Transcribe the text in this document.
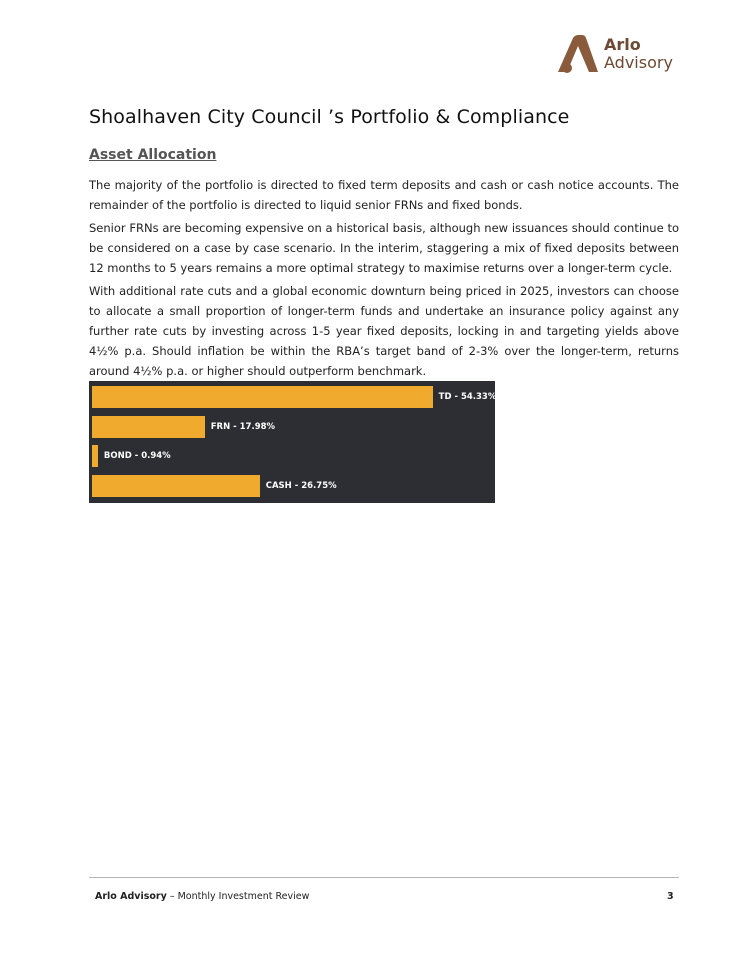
Arlo
Advisory
Shoalhaven City Council ’s Portfolio & Compliance
Asset Allocation

The majority of the portfolio is directed to fixed term deposits and cash or cash notice accounts. The remainder of the portfolio is directed to liquid senior FRNs and fixed bonds.

Senior FRNs are becoming expensive on a historical basis, although new issuances should continue to be considered on a case by case scenario. In the interim, staggering a mix of fixed deposits between 12 months to 5 years remains a more optimal strategy to maximise returns over a longer-term cycle.

With additional rate cuts and a global economic downturn being priced in 2025, investors can choose to allocate a small proportion of longer-term funds and undertake an insurance policy against any further rate cuts by investing across 1-5 year fixed deposits, locking in and targeting yields above 4½% p.a. Should inflation be within the RBA’s target band of 2-3% over the longer-term, returns around 4½% p.a. or higher should outperform benchmark.

TD - 54.33%
FRN - 17.98%
BOND - 0.94%
CASH - 26.75%
Arlo Advisory – Monthly Investment Review	3
